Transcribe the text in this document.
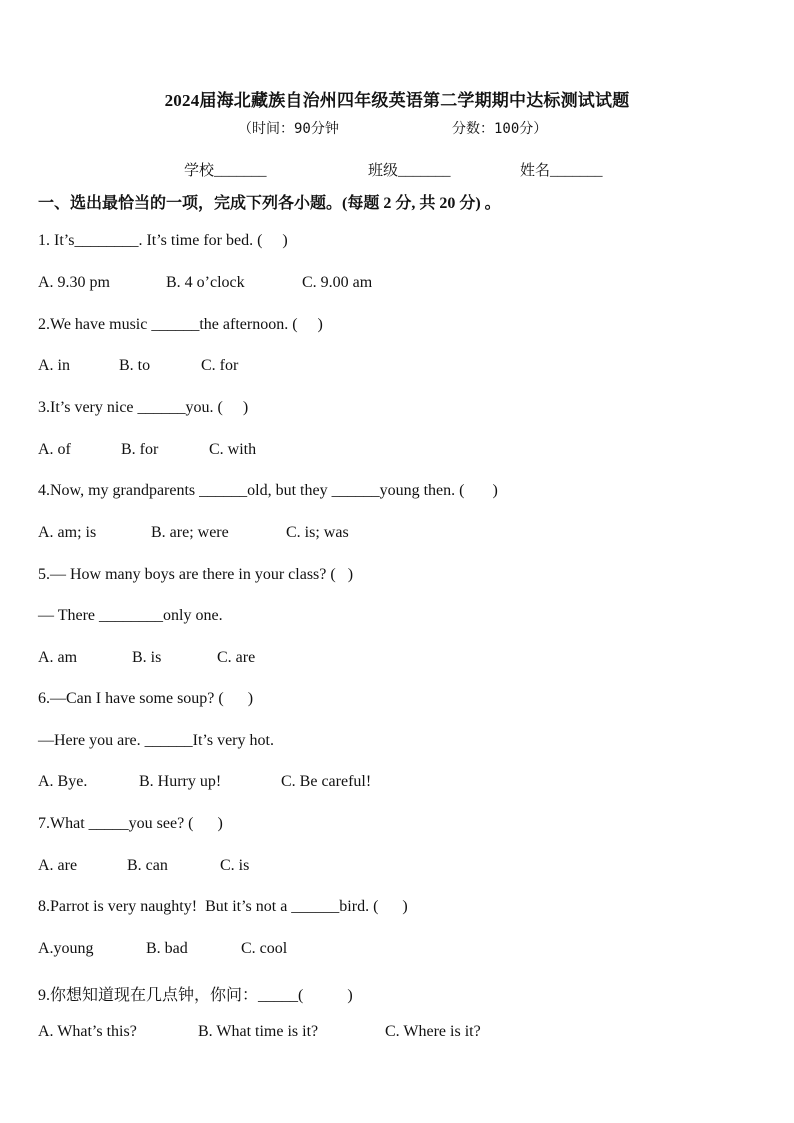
2024届海北藏族自治州四年级英语第二学期期中达标测试试题
（时间：90分钟	分数：100分）
学校_______	班级_______	姓名_______
一、选出最恰当的一项，完成下列各小题。(每题 2 分, 共 20 分) 。
1. It’s________. It’s time for bed. (     )
A. 9.30 pm	B. 4 o’clock	C. 9.00 am
2.We have music ______the afternoon. (     )
A. in	B. to	C. for
3.It’s very nice ______you. (     )
A. of	B. for	C. with
4.Now, my grandparents ______old, but they ______young then. (       )
A. am; is	B. are; were	C. is; was
5.— How many boys are there in your class? (   )
— There ________only one.
A. am	B. is	C. are
6.—Can I have some soup? (      )
—Here you are. ______It’s very hot.
A. Bye.	B. Hurry up!	C. Be careful!
7.What _____you see? (      )
A. are	B. can	C. is
8.Parrot is very naughty!  But it’s not a ______bird. (      )
A.young	B. bad	C. cool
9.你想知道现在几点钟，你问：_____(           )
A. What’s this?	B. What time is it?	C. Where is it?
